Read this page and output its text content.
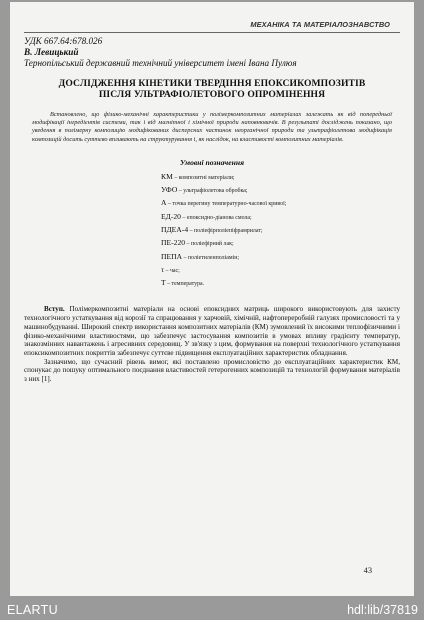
МЕХАНІКА ТА МАТЕРІАЛОЗНАВСТВО

УДК 667.64:678.026

В. Левицький

Тернопільський державний технічний університет імені Івана Пулюя

ДОСЛІДЖЕННЯ КІНЕТИКИ ТВЕРДІННЯ ЕПОКСИКОМПОЗИТІВ
ПІСЛЯ УЛЬТРАФІОЛЕТОВОГО ОПРОМІНЕННЯ

Встановлено, що фізико-механічні характеристики у полімеркомпозитних матеріалах залежать як від попередньої модифікації інгредієнтів системи, так і від магнітної і хімічної природи наповнювачів. В результаті досліджень показано, що уведення в полімерну композицію модифікованих дисперсних частинок неорганічної природи та ультрафіолетова модифікація композицій досить суттєво впливають на структурування і, як наслідок, на властивості композитних матеріалів.

Умовні позначення
КМ – композитні матеріали;
УФО – ультрафіолетова обробка;
А – точка перегину температурно-часової кривої;
ЕД-20 – епоксидно-діанова смола;
ПДЕА-4 – поліефірполіепіфрамрилат;
ПЕ-220 – поліефірний лак;
ПЕПА – поліетиленполіамін;
τ – час;
Т – температура.

Вступ. Полімеркомпозитні матеріали на основі епоксидних матриць широкого використовують для захисту технологічного устаткування від корозії та спрацювання у харчовій, хімічній, нафтопереробній галузях промисловості та у машинобудуванні. Широкий спектр використання композитних матеріалів (КМ) зумовлений їх високими теплофізичними і фізико-механічними властивостями, що забезпечує застосування композитів в умовах впливу градієнту температур, знакозмінних навантажень і агресивних середовищ. У зв'язку з цим, формування на поверхні технологічного устаткування епоксикомпозитних покриттів забезпечує суттєве підвищення експлуатаційних характеристик обладнання.

Зазначимо, що сучасний рівень вимог, які поставлено промисловістю до експлуатаційних характеристик КМ, спонукає до пошуку оптимального поєднання властивостей гетерогенних композицій та технологій формування матеріалів з них [1].

43
ELARTU	hdl:lib/37819
